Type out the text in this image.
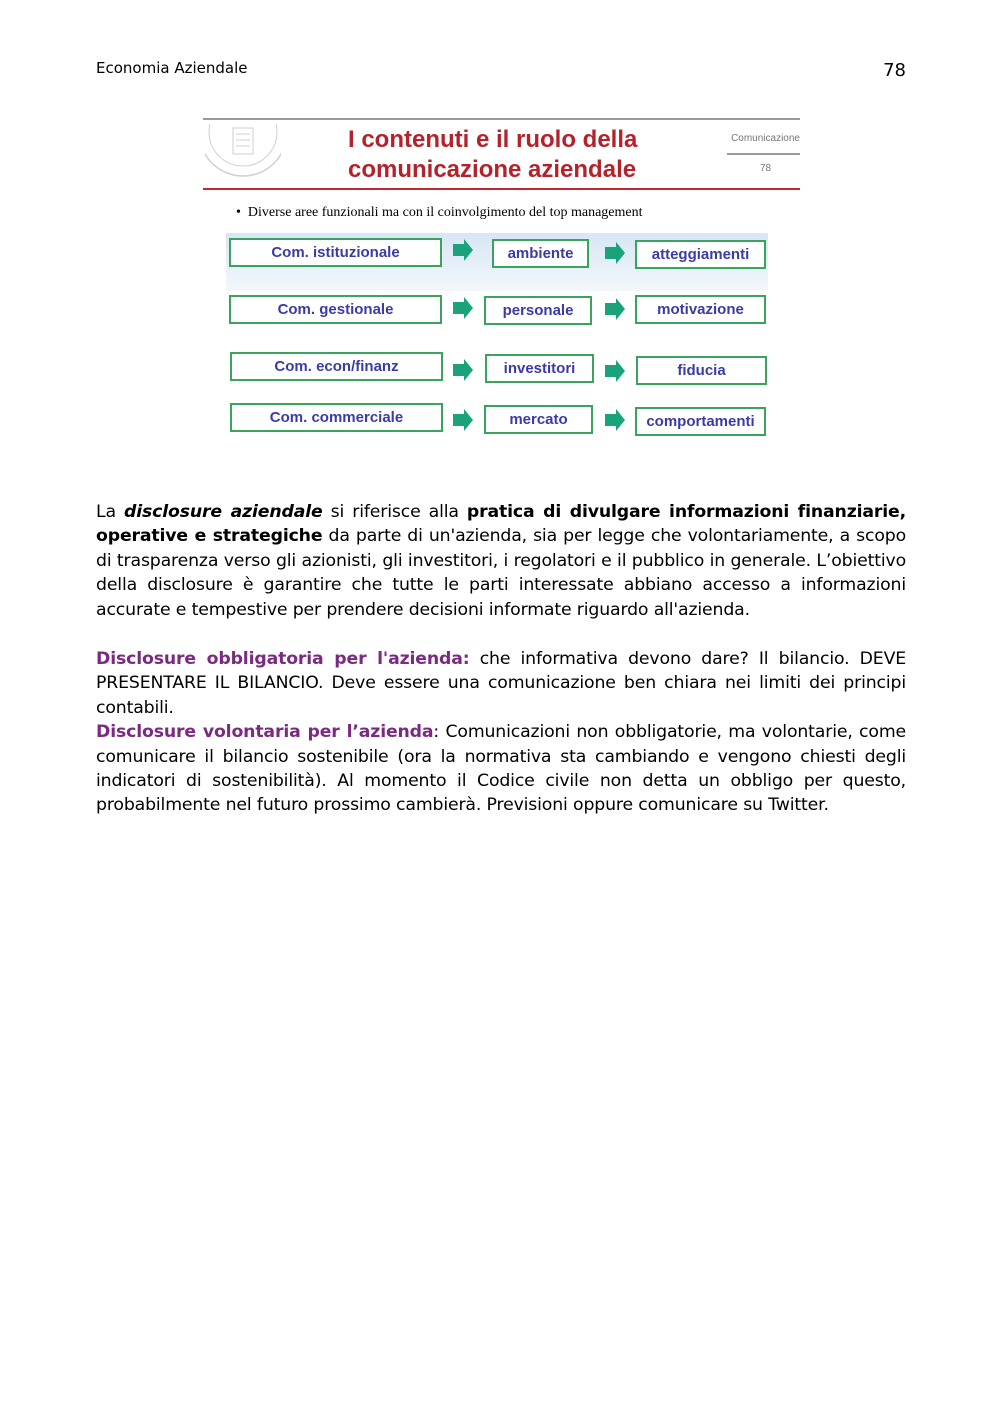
Economia Aziendale	78
I contenuti e il ruolo della
comunicazione aziendale
Comunicazione
78
•  Diverse aree funzionali ma con il coinvolgimento del top management
Com. istituzionale	ambiente	atteggiamenti
Com. gestionale	personale	motivazione
Com. econ/finanz	investitori	fiducia
Com. commerciale	mercato	comportamenti

La disclosure aziendale si riferisce alla pratica di divulgare informazioni finanziarie, operative e strategiche da parte di un'azienda, sia per legge che volontariamente, a scopo di trasparenza verso gli azionisti, gli investitori, i regolatori e il pubblico in generale. L’obiettivo della disclosure è garantire che tutte le parti interessate abbiano accesso a informazioni accurate e tempestive per prendere decisioni informate riguardo all'azienda.

Disclosure obbligatoria per l'azienda: che informativa devono dare? Il bilancio. DEVE PRESENTARE IL BILANCIO. Deve essere una comunicazione ben chiara nei limiti dei principi contabili.

Disclosure volontaria per l’azienda: Comunicazioni non obbligatorie, ma volontarie, come comunicare il bilancio sostenibile (ora la normativa sta cambiando e vengono chiesti degli indicatori di sostenibilità). Al momento il Codice civile non detta un obbligo per questo, probabilmente nel futuro prossimo cambierà. Previsioni oppure comunicare su Twitter.
